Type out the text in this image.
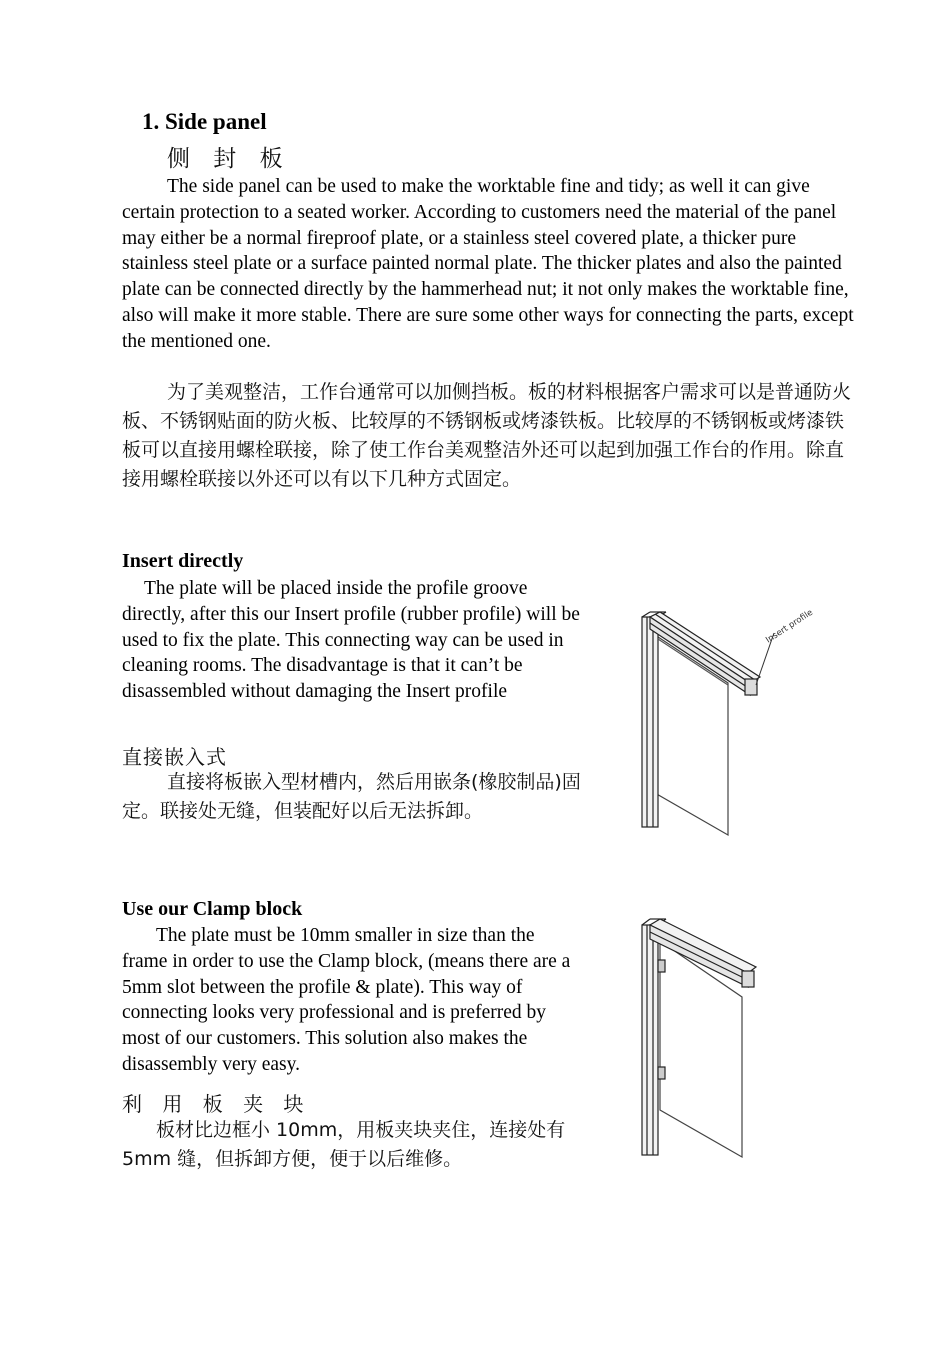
1. Side panel
侧 封 板
The side panel can be used to make the worktable fine and tidy; as well it can give certain protection to a seated worker. According to customers need the material of the panel may either be a normal fireproof plate, or a stainless steel covered plate, a thicker pure stainless steel plate or a surface painted normal plate. The thicker plates and also the painted plate can be connected directly by the hammerhead nut; it not only makes the worktable fine, also will make it more stable. There are sure some other ways for connecting the parts, except the mentioned one.
为了美观整洁，工作台通常可以加侧挡板。板的材料根据客户需求可以是普通防火板、不锈钢贴面的防火板、比较厚的不锈钢板或烤漆铁板。比较厚的不锈钢板或烤漆铁板可以直接用螺栓联接，除了使工作台美观整洁外还可以起到加强工作台的作用。除直接用螺栓联接以外还可以有以下几种方式固定。
Insert directly
The plate will be placed inside the profile groove directly, after this our Insert profile (rubber profile) will be used to fix the plate. This connecting way can be used in cleaning rooms. The disadvantage is that it can’t be disassembled without damaging the Insert profile
直接嵌入式
直接将板嵌入型材槽内，然后用嵌条(橡胶制品)固定。联接处无缝，但装配好以后无法拆卸。
Insert profile
Use our Clamp block
The plate must be 10mm smaller in size than the frame in order to use the Clamp block, (means there are a 5mm slot between the profile & plate). This way of connecting looks very professional and is preferred by most of our customers. This solution also makes the disassembly very easy.
利 用 板 夹 块
板材比边框小 10mm，用板夹块夹住，连接处有 5mm 缝，但拆卸方便，便于以后维修。
